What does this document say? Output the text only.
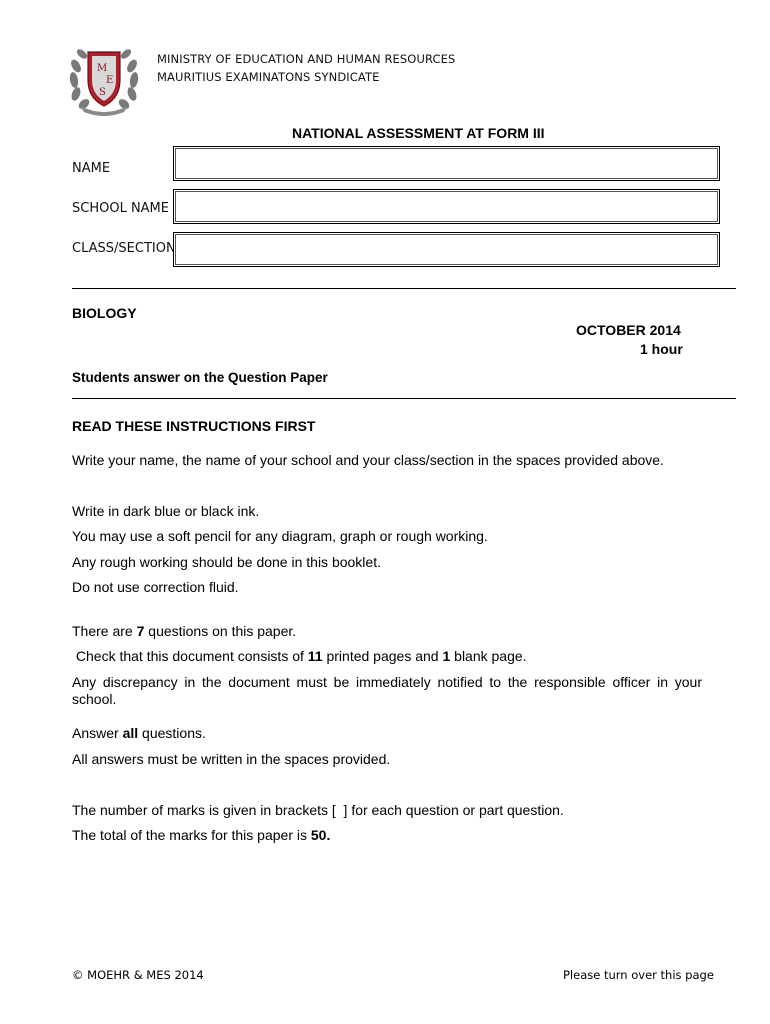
M
E
S
MINISTRY OF EDUCATION AND HUMAN RESOURCES
MAURITIUS EXAMINATONS SYNDICATE
NATIONAL ASSESSMENT AT FORM III
NAME
SCHOOL NAME
CLASS/SECTION
BIOLOGY
OCTOBER 2014
1 hour
Students answer on the Question Paper
READ THESE INSTRUCTIONS FIRST
Write your name, the name of your school and your class/section in the spaces provided above.
Write in dark blue or black ink.
You may use a soft pencil for any diagram, graph or rough working.
Any rough working should be done in this booklet.
Do not use correction fluid.
There are 7 questions on this paper.
Check that this document consists of 11 printed pages and 1 blank page.
Any discrepancy in the document must be immediately notified to the responsible officer in your
school.
Answer all questions.
All answers must be written in the spaces provided.
The number of marks is given in brackets [  ] for each question or part question.
The total of the marks for this paper is 50.
© MOEHR & MES 2014	Please turn over this page
